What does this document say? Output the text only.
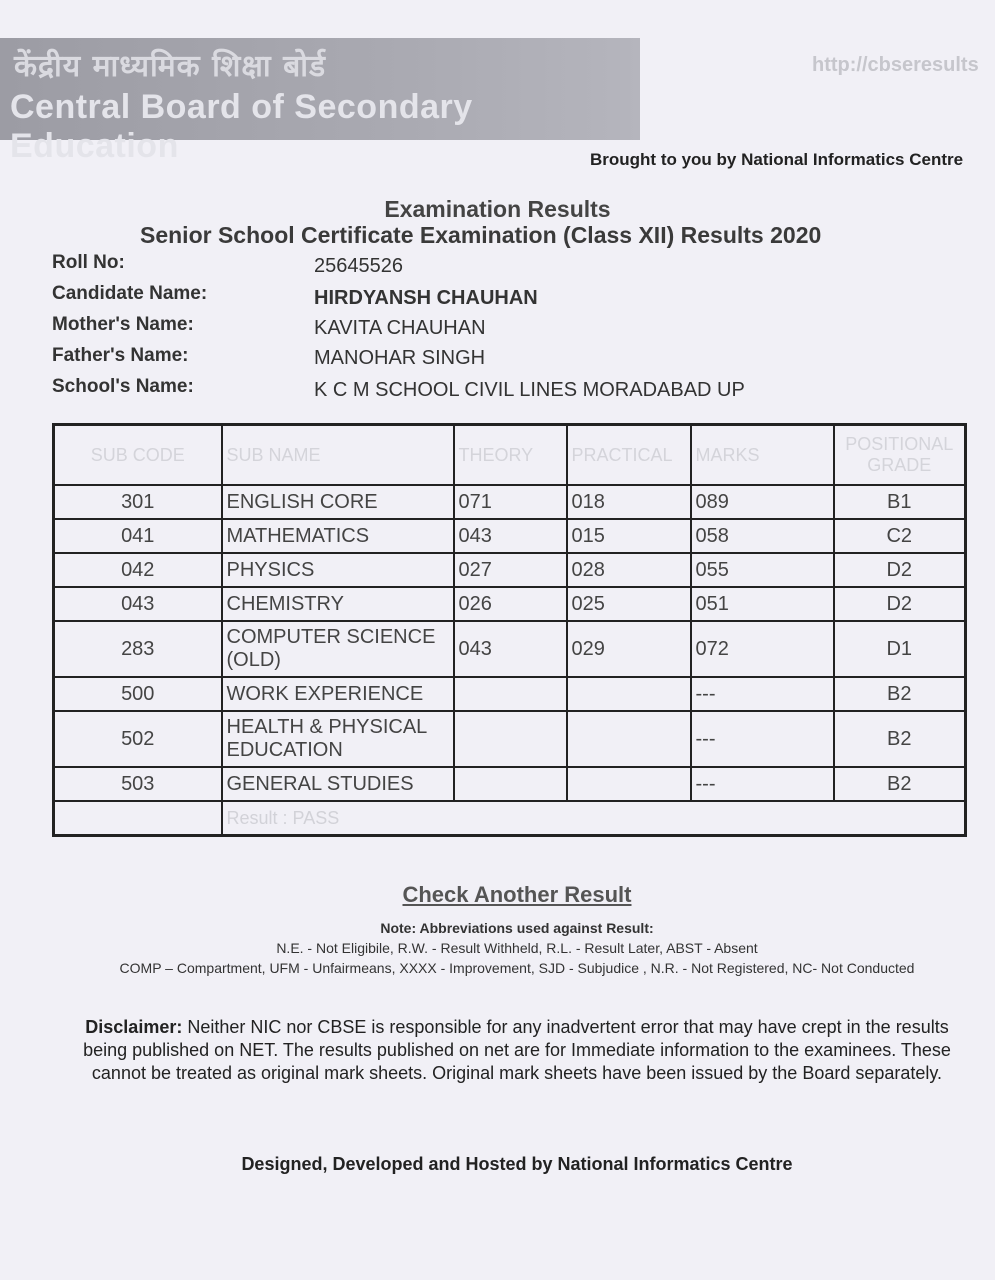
केंद्रीय माध्यमिक शिक्षा बोर्ड
Central Board of Secondary Education
http://cbseresults
Brought to you by National Informatics Centre
Examination Results
Senior School Certificate Examination (Class XII) Results 2020
Roll No:	25645526
Candidate Name:	HIRDYANSH CHAUHAN
Mother's Name:	KAVITA CHAUHAN
Father's Name:	MANOHAR SINGH
School's Name:	K C M SCHOOL CIVIL LINES MORADABAD UP
SUB CODE	SUB NAME	THEORY	PRACTICAL	MARKS	POSITIONAL GRADE
301	ENGLISH CORE	071	018	089	B1
041	MATHEMATICS	043	015	058	C2
042	PHYSICS	027	028	055	D2
043	CHEMISTRY	026	025	051	D2
283	COMPUTER SCIENCE (OLD)	043	029	072	D1
500	WORK EXPERIENCE			---	B2
502	HEALTH & PHYSICAL EDUCATION			---	B2
503	GENERAL STUDIES			---	B2
	Result : PASS				
Check Another Result
Note: Abbreviations used against Result:
N.E. - Not Eligibile, R.W. - Result Withheld, R.L. - Result Later, ABST - Absent
COMP – Compartment, UFM - Unfairmeans, XXXX - Improvement, SJD - Subjudice , N.R. - Not Registered, NC- Not Conducted
Disclaimer: Neither NIC nor CBSE is responsible for any inadvertent error that may have crept in the results being published on NET. The results published on net are for Immediate information to the examinees. These cannot be treated as original mark sheets. Original mark sheets have been issued by the Board separately.
Designed, Developed and Hosted by National Informatics Centre
